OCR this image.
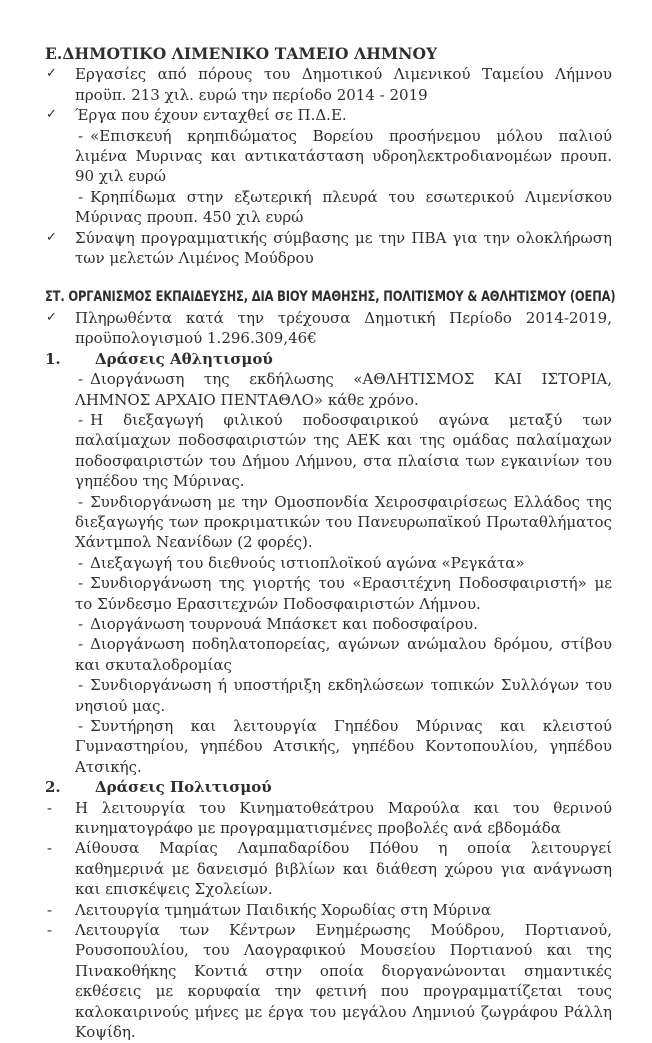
Ε.ΔΗΜΟΤΙΚΟ ΛΙΜΕΝΙΚΟ ΤΑΜΕΙΟ ΛΗΜΝΟΥ
✓ Εργασίες από πόρους του Δημοτικού Λιμενικού Ταμείου Λήμνου προϋπ. 213 χιλ. ευρώ την περίοδο 2014 - 2019
✓ Έργα που έχουν ενταχθεί σε Π.Δ.Ε.
- «Επισκευή κρηπιδώματος Βορείου προσήνεμου μόλου παλιού λιμένα Μυρινας και αντικατάσταση υδροηλεκτροδιανομέων προυπ. 90 χιλ ευρώ
- Κρηπίδωμα στην εξωτερική πλευρά του εσωτερικού Λιμενίσκου Μύρινας προυπ. 450 χιλ ευρώ
✓ Σύναψη προγραμματικής σύμβασης με την ΠΒΑ για την ολοκλήρωση των μελετών Λιμένος Μούδρου
ΣΤ. ΟΡΓΑΝΙΣΜΟΣ ΕΚΠΑΙΔΕΥΣΗΣ, ΔΙΑ ΒΙΟΥ ΜΑΘΗΣΗΣ, ΠΟΛΙΤΙΣΜΟΥ & ΑΘΛΗΤΙΣΜΟΥ (ΟΕΠΑ)
✓ Πληρωθέντα κατά την τρέχουσα Δημοτική Περίοδο 2014-2019, προϋπολογισμού 1.296.309,46€
1. Δράσεις Αθλητισμού
- Διοργάνωση της εκδήλωσης «ΑΘΛΗΤΙΣΜΟΣ ΚΑΙ ΙΣΤΟΡΙΑ, ΛΗΜΝΟΣ ΑΡΧΑΙΟ ΠΕΝΤΑΘΛΟ» κάθε χρόνο.
- Η διεξαγωγή φιλικού ποδοσφαιρικού αγώνα μεταξύ των παλαίμαχων ποδοσφαιριστών της ΑΕΚ και της ομάδας παλαίμαχων ποδοσφαιριστών του Δήμου Λήμνου, στα πλαίσια των εγκαινίων του γηπέδου της Μύρινας.
- Συνδιοργάνωση με την Ομοσπονδία Χειροσφαιρίσεως Ελλάδος της διεξαγωγής των προκριματικών του Πανευρωπαϊκού Πρωταθλήματος Χάντμπολ Νεανίδων (2 φορές).
- Διεξαγωγή του διεθνούς ιστιοπλοϊκού αγώνα «Ρεγκάτα»
- Συνδιοργάνωση της γιορτής του «Ερασιτέχνη Ποδοσφαιριστή» με το Σύνδεσμο Ερασιτεχνών Ποδοσφαιριστών Λήμνου.
- Διοργάνωση τουρνουά Μπάσκετ και ποδοσφαίρου.
- Διοργάνωση ποδηλατοπορείας, αγώνων ανώμαλου δρόμου, στίβου και σκυταλοδρομίας
- Συνδιοργάνωση ή υποστήριξη εκδηλώσεων τοπικών Συλλόγων του νησιού μας.
- Συντήρηση και λειτουργία Γηπέδου Μύρινας και κλειστού Γυμναστηρίου, γηπέδου Ατσικής, γηπέδου Κοντοπουλίου, γηπέδου Ατσικής.
2. Δράσεις Πολιτισμού
- Η λειτουργία του Κινηματοθεάτρου Μαρούλα και του θερινού κινηματογράφο με προγραμματισμένες προβολές ανά εβδομάδα
- Αίθουσα Μαρίας Λαμπαδαρίδου Πόθου η οποία λειτουργεί καθημερινά με δανεισμό βιβλίων και διάθεση χώρου για ανάγνωση και επισκέψεις Σχολείων.
- Λειτουργία τμημάτων Παιδικής Χορωδίας στη Μύρινα
- Λειτουργία των Κέντρων Ενημέρωσης Μούδρου, Πορτιανού, Ρουσοπουλίου, του Λαογραφικού Μουσείου Πορτιανού και της Πινακοθήκης Κοντιά στην οποία διοργανώνονται σημαντικές εκθέσεις με κορυφαία την φετινή που προγραμματίζεται τους καλοκαιρινούς μήνες με έργα του μεγάλου Λημνιού ζωγράφου Ράλλη Κοψίδη.
